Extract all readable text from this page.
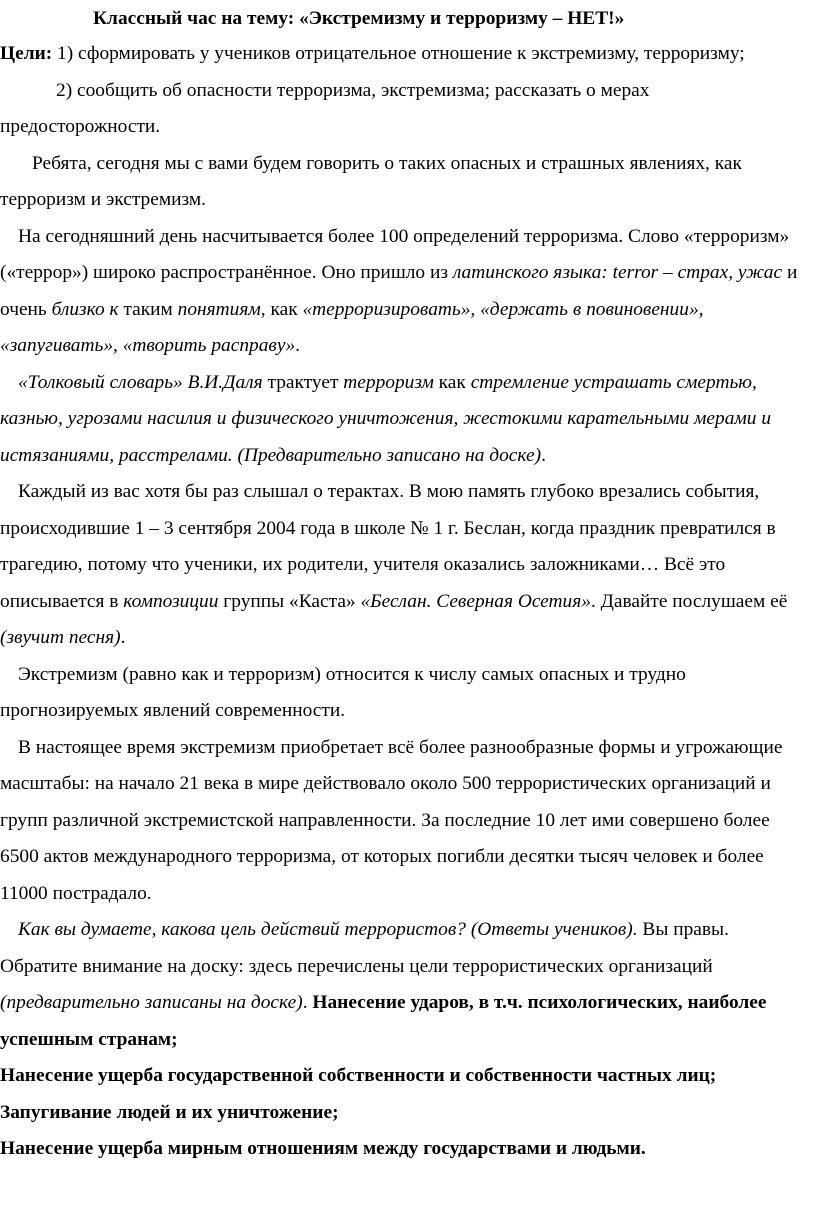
Классный час на тему: «Экстремизму и терроризму – НЕТ!»

Цели: 1) сформировать у учеников отрицательное отношение к экстремизму, терроризму;

2) сообщить об опасности терроризма, экстремизма; рассказать о мерах предосторожности.

Ребята, сегодня мы с вами будем говорить о таких опасных и страшных явлениях, как терроризм и экстремизм.

На сегодняшний день насчитывается более 100 определений терроризма. Слово «терроризм» («террор») широко распространённое. Оно пришло из латинского языка: terror – страх, ужас и очень близко к таким понятиям, как «терроризировать», «держать в повиновении», «запугивать», «творить расправу».

«Толковый словарь» В.И.Даля трактует терроризм как стремление устрашать смертью, казнью, угрозами насилия и физического уничтожения, жестокими карательными мерами и истязаниями, расстрелами. (Предварительно записано на доске).

Каждый из вас хотя бы раз слышал о терактах. В мою память глубоко врезались события, происходившие 1 – 3 сентября 2004 года в школе № 1 г. Беслан, когда праздник превратился в трагедию, потому что ученики, их родители, учителя оказались заложниками… Всё это описывается в композиции группы «Каста» «Беслан. Северная Осетия». Давайте послушаем её (звучит песня).

Экстремизм (равно как и терроризм) относится к числу самых опасных и трудно прогнозируемых явлений современности.

В настоящее время экстремизм приобретает всё более разнообразные формы и угрожающие масштабы: на начало 21 века в мире действовало около 500 террористических организаций и групп различной экстремистской направленности. За последние 10 лет ими совершено более 6500 актов международного терроризма, от которых погибли десятки тысяч человек и более 11000 пострадало.

Как вы думаете, какова цель действий террористов? (Ответы учеников). Вы правы. Обратите внимание на доску: здесь перечислены цели террористических организаций (предварительно записаны на доске). Нанесение ударов, в т.ч. психологических, наиболее успешным странам;

Нанесение ущерба государственной собственности и собственности частных лиц;

Запугивание людей и их уничтожение;

Нанесение ущерба мирным отношениям между государствами и людьми.
